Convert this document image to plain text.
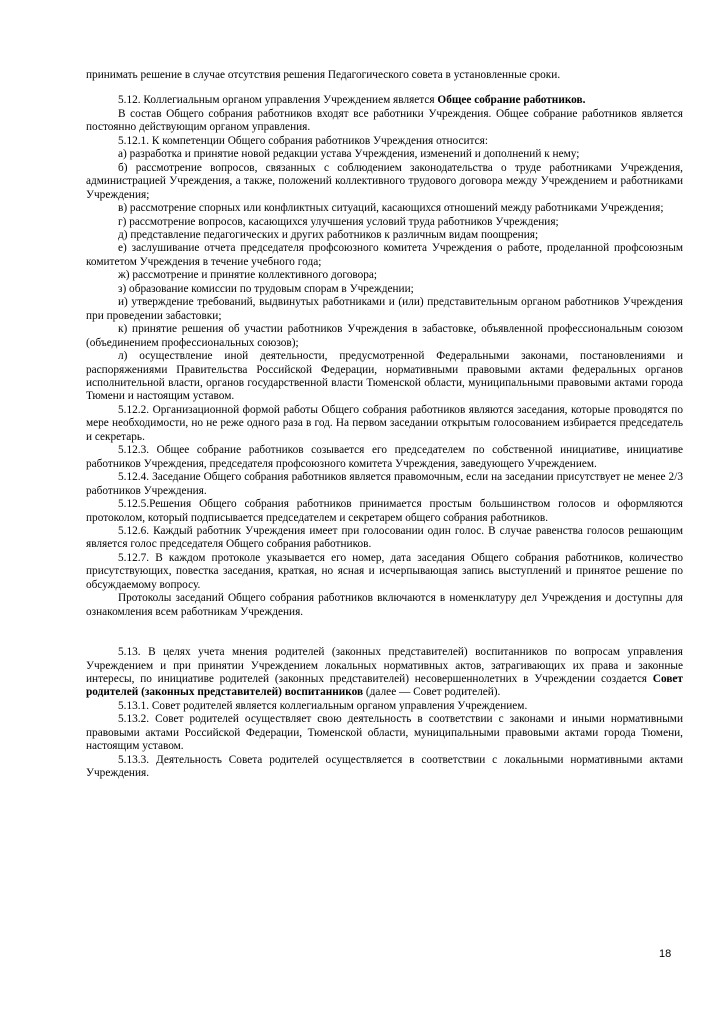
принимать решение в случае отсутствия решения Педагогического совета в установленные сроки.

5.12. Коллегиальным органом управления Учреждением является Общее собрание работников.

В состав Общего собрания работников входят все работники Учреждения. Общее собрание работников является постоянно действующим органом управления.

5.12.1. К компетенции Общего собрания работников Учреждения относится:

а) разработка и принятие новой редакции устава Учреждения, изменений и дополнений к нему;

б) рассмотрение вопросов, связанных с соблюдением законодательства о труде работниками Учреждения, администрацией Учреждения, а также, положений коллективного трудового договора между Учреждением и работниками Учреждения;

в) рассмотрение спорных или конфликтных ситуаций, касающихся отношений между работниками Учреждения;

г) рассмотрение вопросов, касающихся улучшения условий труда работников Учреждения;

д) представление педагогических и других работников к различным видам поощрения;

е) заслушивание отчета председателя профсоюзного комитета Учреждения о работе, проделанной профсоюзным комитетом Учреждения в течение учебного года;

ж) рассмотрение и принятие коллективного договора;

з) образование комиссии по трудовым спорам в Учреждении;

и) утверждение требований, выдвинутых работниками и (или) представительным органом работников Учреждения при проведении забастовки;

к) принятие решения об участии работников Учреждения в забастовке, объявленной профессиональным союзом (объединением профессиональных союзов);

л) осуществление иной деятельности, предусмотренной Федеральными законами, постановлениями и распоряжениями Правительства Российской Федерации, нормативными правовыми актами федеральных органов исполнительной власти, органов государственной власти Тюменской области, муниципальными правовыми актами города Тюмени и настоящим уставом.

5.12.2. Организационной формой работы Общего собрания работников являются заседания, которые проводятся по мере необходимости, но не реже одного раза в год. На первом заседании открытым голосованием избирается председатель и секретарь.

5.12.3. Общее собрание работников созывается его председателем по собственной инициативе, инициативе работников Учреждения, председателя профсоюзного комитета Учреждения, заведующего Учреждением.

5.12.4. Заседание Общего собрания работников является правомочным, если на заседании присутствует не менее 2/3 работников Учреждения.

5.12.5.Решения Общего собрания работников принимается простым большинством голосов и оформляются протоколом, который подписывается председателем и секретарем общего собрания работников.

5.12.6. Каждый работник Учреждения имеет при голосовании один голос. В случае равенства голосов решающим является голос председателя Общего собрания работников.

5.12.7. В каждом протоколе указывается его номер, дата заседания Общего собрания работников, количество присутствующих, повестка заседания, краткая, но ясная и исчерпывающая запись выступлений и принятое решение по обсуждаемому вопросу.

Протоколы заседаний Общего собрания работников включаются в номенклатуру дел Учреждения и доступны для ознакомления всем работникам Учреждения.

5.13. В целях учета мнения родителей (законных представителей) воспитанников по вопросам управления Учреждением и при принятии Учреждением локальных нормативных актов, затрагивающих их права и законные интересы, по инициативе родителей (законных представителей) несовершеннолетних в Учреждении создается Совет родителей (законных представителей) воспитанников (далее — Совет родителей).

5.13.1. Совет родителей является коллегиальным органом управления Учреждением.

5.13.2. Совет родителей осуществляет свою деятельность в соответствии с законами и иными нормативными правовыми актами Российской Федерации, Тюменской области, муниципальными правовыми актами города Тюмени, настоящим уставом.

5.13.3. Деятельность Совета родителей осуществляется в соответствии с локальными нормативными актами Учреждения.

18
